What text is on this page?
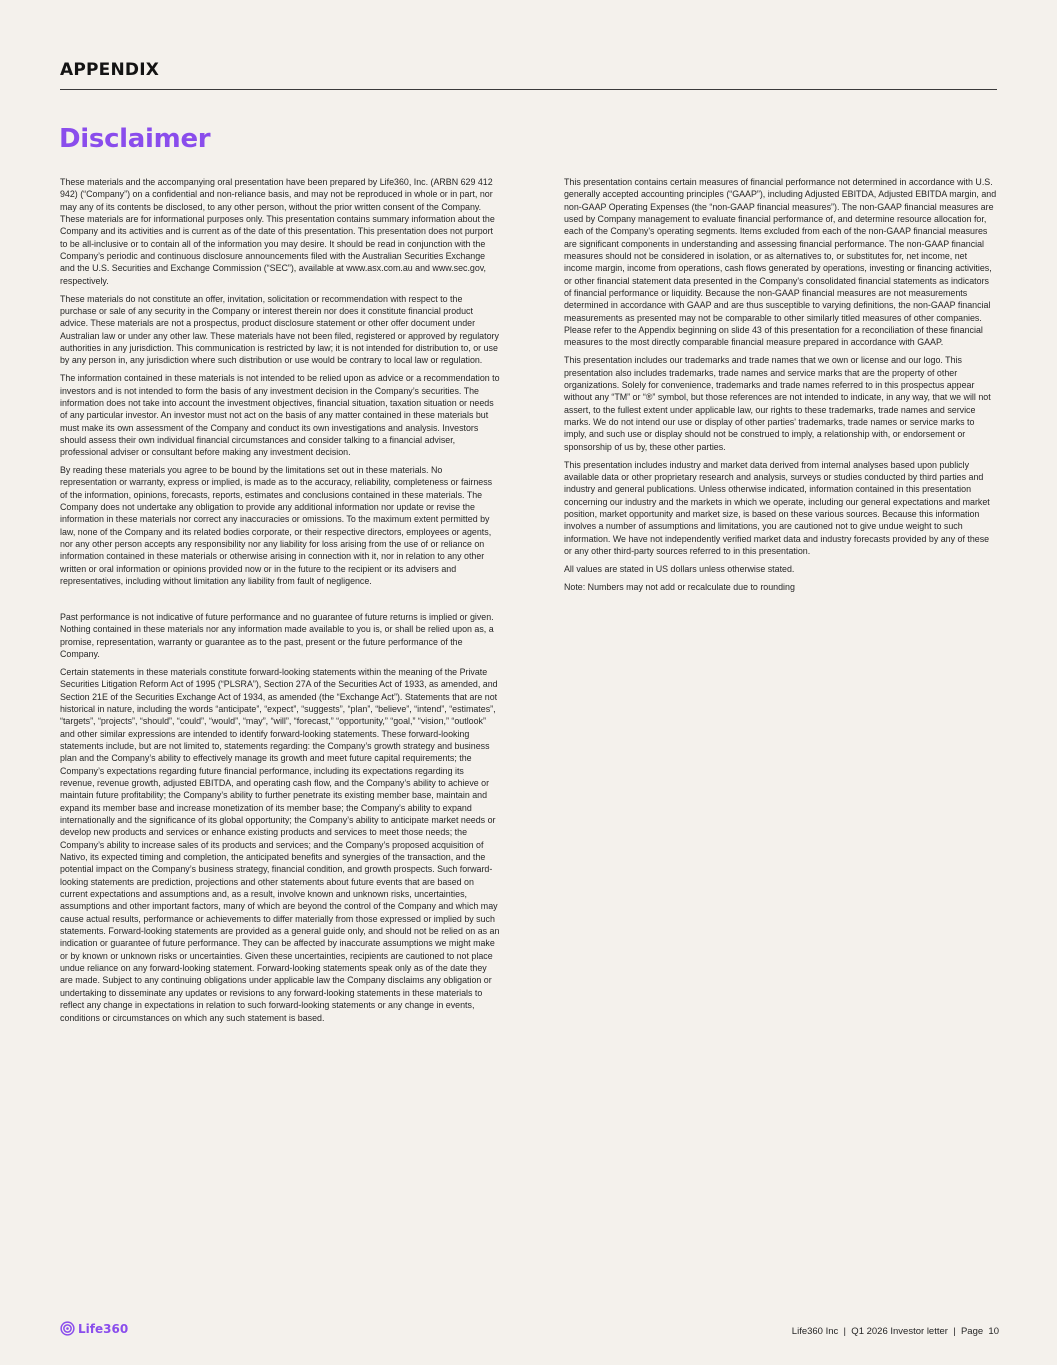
APPENDIX
Disclaimer

These materials and the accompanying oral presentation have been prepared by Life360, Inc. (ARBN 629 412 942) (“Company”) on a confidential and non-reliance basis, and may not be reproduced in whole or in part, nor may any of its contents be disclosed, to any other person, without the prior written consent of the Company. These materials are for informational purposes only. This presentation contains summary information about the Company and its activities and is current as of the date of this presentation. This presentation does not purport to be all-inclusive or to contain all of the information you may desire. It should be read in conjunction with the Company’s periodic and continuous disclosure announcements filed with the Australian Securities Exchange and the U.S. Securities and Exchange Commission (“SEC”), available at www.asx.com.au and www.sec.gov, respectively.

These materials do not constitute an offer, invitation, solicitation or recommendation with respect to the purchase or sale of any security in the Company or interest therein nor does it constitute financial product advice. These materials are not a prospectus, product disclosure statement or other offer document under Australian law or under any other law. These materials have not been filed, registered or approved by regulatory authorities in any jurisdiction. This communication is restricted by law; it is not intended for distribution to, or use by any person in, any jurisdiction where such distribution or use would be contrary to local law or regulation.

The information contained in these materials is not intended to be relied upon as advice or a recommendation to investors and is not intended to form the basis of any investment decision in the Company’s securities. The information does not take into account the investment objectives, financial situation, taxation situation or needs of any particular investor. An investor must not act on the basis of any matter contained in these materials but must make its own assessment of the Company and conduct its own investigations and analysis. Investors should assess their own individual financial circumstances and consider talking to a financial adviser, professional adviser or consultant before making any investment decision.

By reading these materials you agree to be bound by the limitations set out in these materials. No representation or warranty, express or implied, is made as to the accuracy, reliability, completeness or fairness of the information, opinions, forecasts, reports, estimates and conclusions contained in these materials. The Company does not undertake any obligation to provide any additional information nor update or revise the information in these materials nor correct any inaccuracies or omissions. To the maximum extent permitted by law, none of the Company and its related bodies corporate, or their respective directors, employees or agents, nor any other person accepts any responsibility nor any liability for loss arising from the use of or reliance on information contained in these materials or otherwise arising in connection with it, nor in relation to any other written or oral information or opinions provided now or in the future to the recipient or its advisers and representatives, including without limitation any liability from fault of negligence.

Past performance is not indicative of future performance and no guarantee of future returns is implied or given. Nothing contained in these materials nor any information made available to you is, or shall be relied upon as, a promise, representation, warranty or guarantee as to the past, present or the future performance of the Company.

Certain statements in these materials constitute forward-looking statements within the meaning of the Private Securities Litigation Reform Act of 1995 (“PLSRA”), Section 27A of the Securities Act of 1933, as amended, and Section 21E of the Securities Exchange Act of 1934, as amended (the “Exchange Act”). Statements that are not historical in nature, including the words “anticipate”, “expect”, “suggests”, “plan”, “believe”, “intend”, “estimates”, “targets”, “projects”, “should”, “could”, “would”, “may”, “will”, “forecast,” “opportunity,” “goal,” “vision,” “outlook” and other similar expressions are intended to identify forward-looking statements. These forward-looking statements include, but are not limited to, statements regarding: the Company’s growth strategy and business plan and the Company’s ability to effectively manage its growth and meet future capital requirements; the Company’s expectations regarding future financial performance, including its expectations regarding its revenue, revenue growth, adjusted EBITDA, and operating cash flow, and the Company’s ability to achieve or maintain future profitability; the Company’s ability to further penetrate its existing member base, maintain and expand its member base and increase monetization of its member base; the Company’s ability to expand internationally and the significance of its global opportunity; the Company’s ability to anticipate market needs or develop new products and services or enhance existing products and services to meet those needs; the Company’s ability to increase sales of its products and services; and the Company’s proposed acquisition of Nativo, its expected timing and completion, the anticipated benefits and synergies of the transaction, and the potential impact on the Company’s business strategy, financial condition, and growth prospects. Such forward-looking statements are prediction, projections and other statements about future events that are based on current expectations and assumptions and, as a result, involve known and unknown risks, uncertainties, assumptions and other important factors, many of which are beyond the control of the Company and which may cause actual results, performance or achievements to differ materially from those expressed or implied by such statements. Forward-looking statements are provided as a general guide only, and should not be relied on as an indication or guarantee of future performance. They can be affected by inaccurate assumptions we might make or by known or unknown risks or uncertainties. Given these uncertainties, recipients are cautioned to not place undue reliance on any forward-looking statement. Forward-looking statements speak only as of the date they are made. Subject to any continuing obligations under applicable law the Company disclaims any obligation or undertaking to disseminate any updates or revisions to any forward-looking statements in these materials to reflect any change in expectations in relation to such forward-looking statements or any change in events, conditions or circumstances on which any such statement is based.

This presentation contains certain measures of financial performance not determined in accordance with U.S. generally accepted accounting principles (“GAAP”), including Adjusted EBITDA, Adjusted EBITDA margin, and non-GAAP Operating Expenses (the “non-GAAP financial measures”). The non-GAAP financial measures are used by Company management to evaluate financial performance of, and determine resource allocation for, each of the Company's operating segments. Items excluded from each of the non-GAAP financial measures are significant components in understanding and assessing financial performance. The non-GAAP financial measures should not be considered in isolation, or as alternatives to, or substitutes for, net income, net income margin, income from operations, cash flows generated by operations, investing or financing activities, or other financial statement data presented in the Company's consolidated financial statements as indicators of financial performance or liquidity. Because the non-GAAP financial measures are not measurements determined in accordance with GAAP and are thus susceptible to varying definitions, the non-GAAP financial measurements as presented may not be comparable to other similarly titled measures of other companies. Please refer to the Appendix beginning on slide 43 of this presentation for a reconciliation of these financial measures to the most directly comparable financial measure prepared in accordance with GAAP.

This presentation includes our trademarks and trade names that we own or license and our logo. This presentation also includes trademarks, trade names and service marks that are the property of other organizations. Solely for convenience, trademarks and trade names referred to in this prospectus appear without any “TM” or “®” symbol, but those references are not intended to indicate, in any way, that we will not assert, to the fullest extent under applicable law, our rights to these trademarks, trade names and service marks. We do not intend our use or display of other parties' trademarks, trade names or service marks to imply, and such use or display should not be construed to imply, a relationship with, or endorsement or sponsorship of us by, these other parties.

This presentation includes industry and market data derived from internal analyses based upon publicly available data or other proprietary research and analysis, surveys or studies conducted by third parties and industry and general publications. Unless otherwise indicated, information contained in this presentation concerning our industry and the markets in which we operate, including our general expectations and market position, market opportunity and market size, is based on these various sources. Because this information involves a number of assumptions and limitations, you are cautioned not to give undue weight to such information. We have not independently verified market data and industry forecasts provided by any of these or any other third-party sources referred to in this presentation.

All values are stated in US dollars unless otherwise stated.

Note: Numbers may not add or recalculate due to rounding

Life360	Life360 Inc  |  Q1 2026 Investor letter  |  Page  10
